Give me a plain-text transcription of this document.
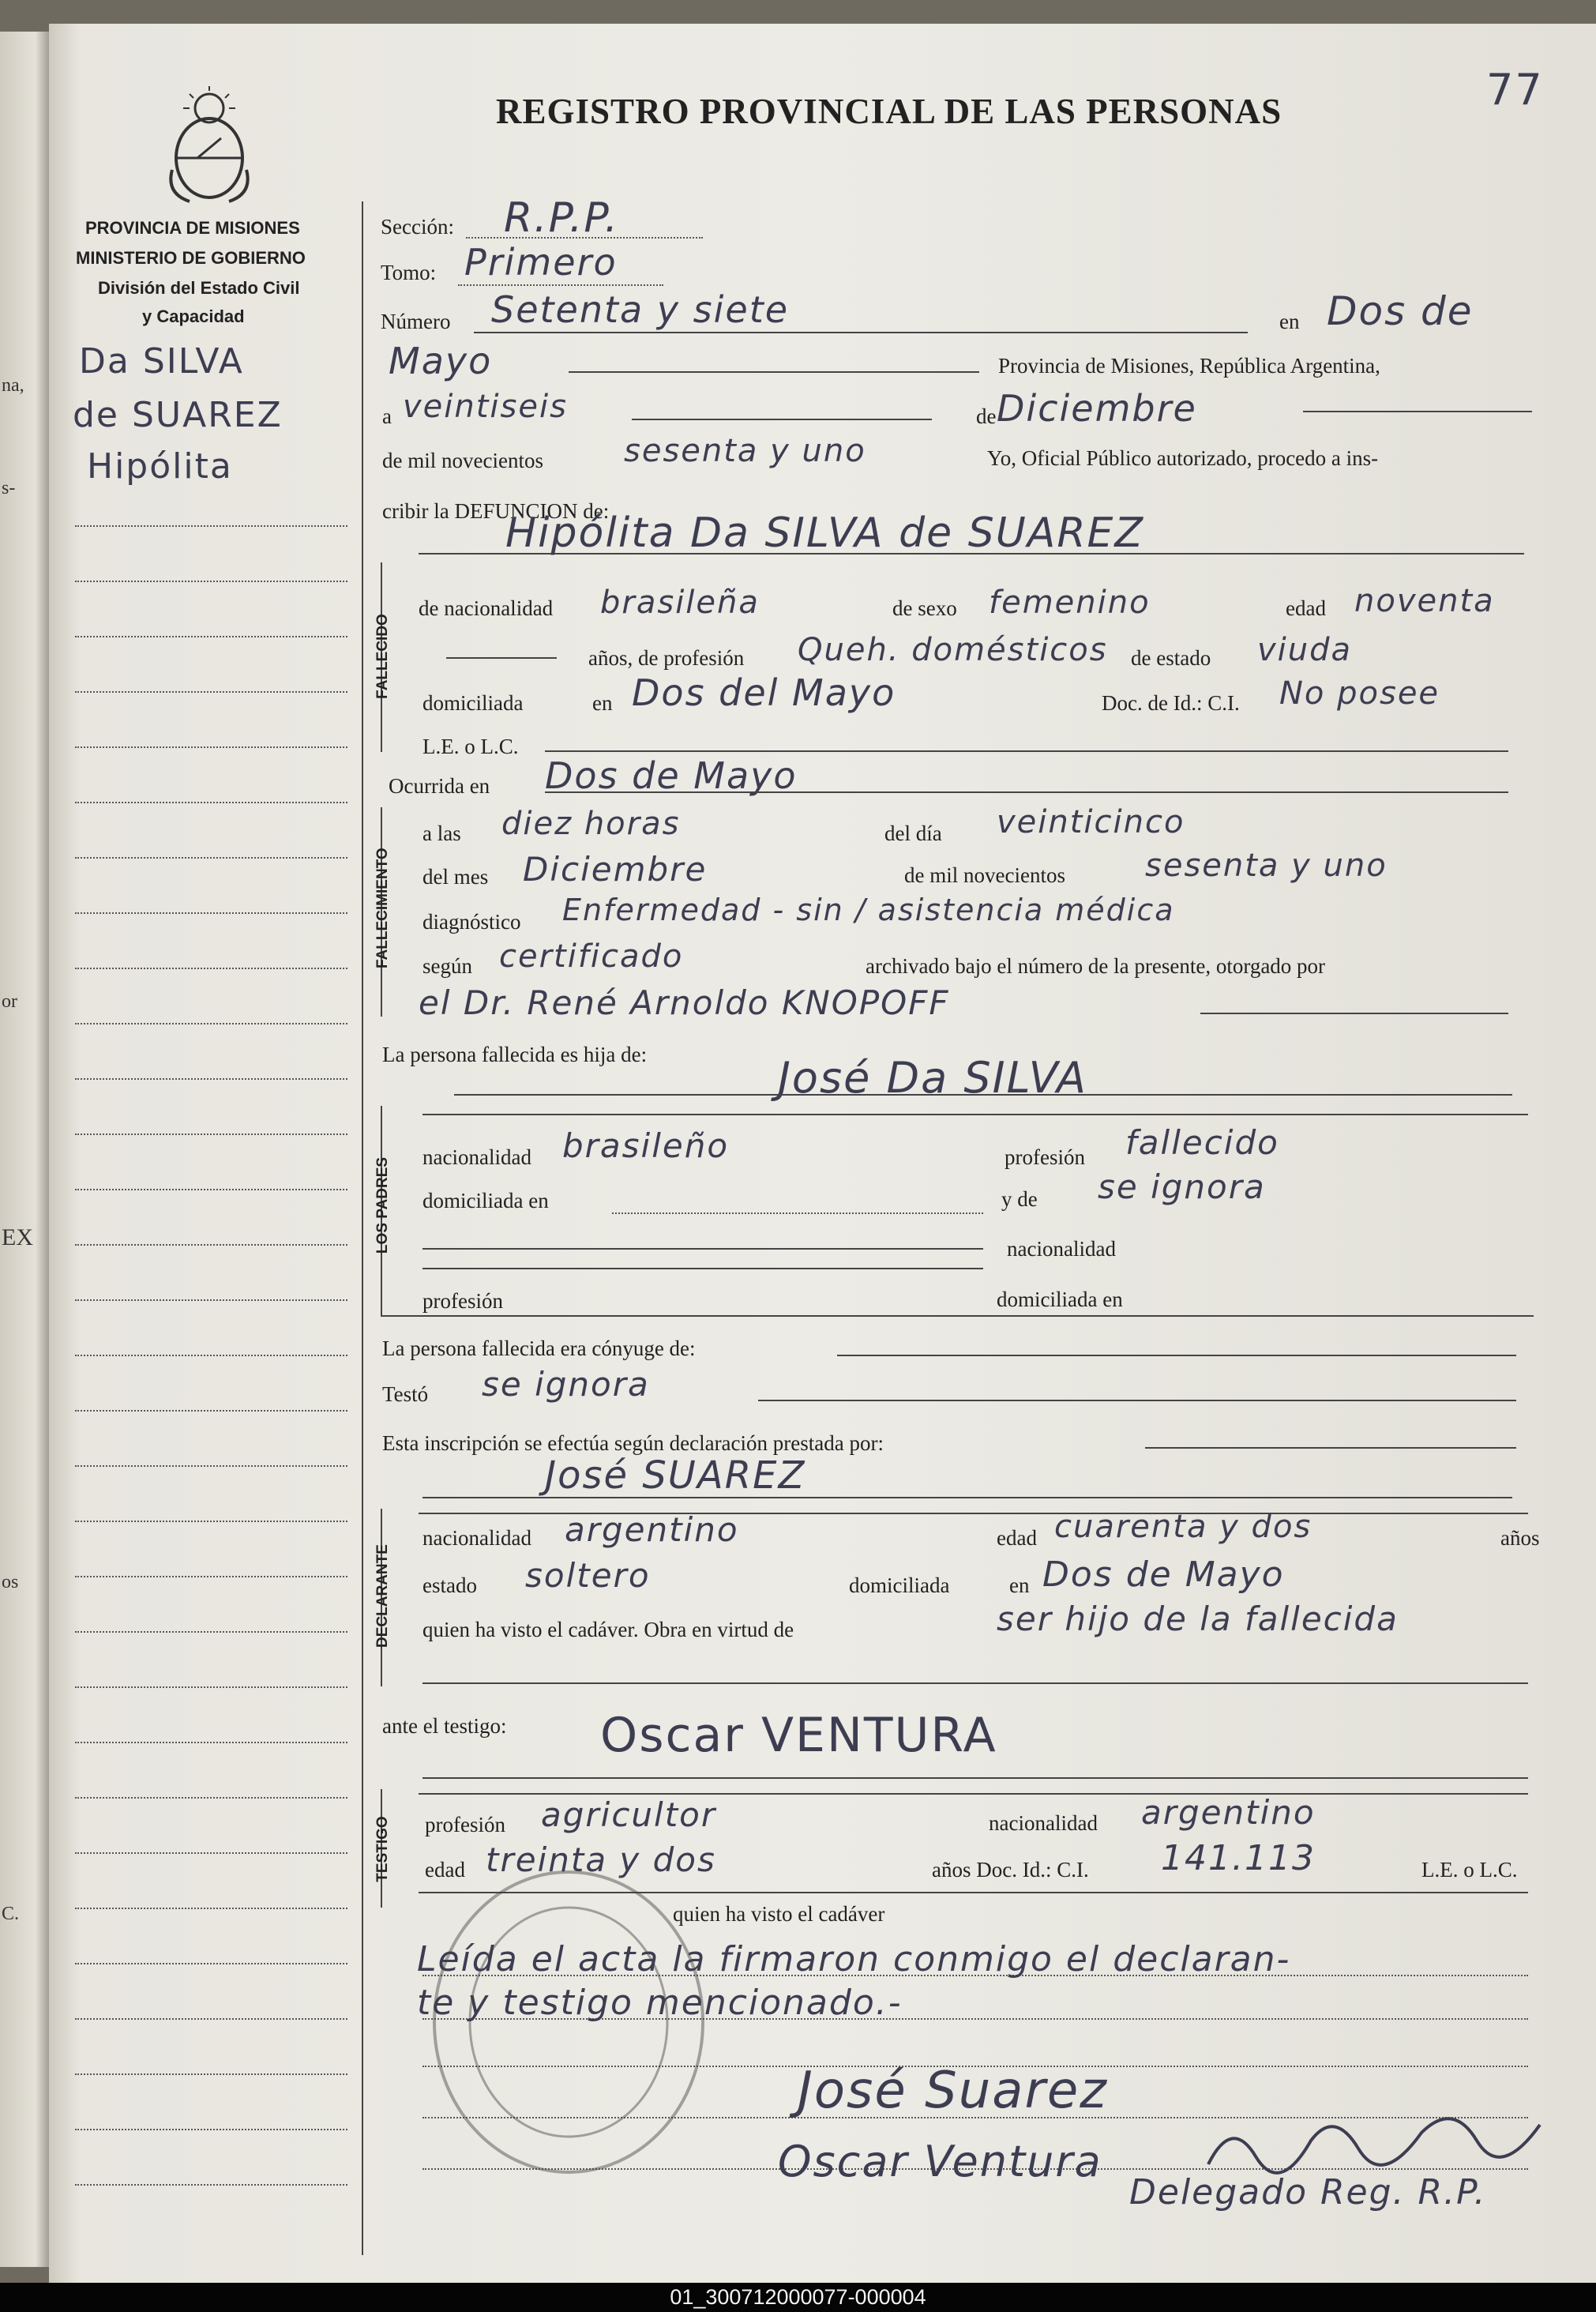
na,
s-
or
EX
os
C.
PROVINCIA DE MISIONES
MINISTERIO DE GOBIERNO
División del Estado Civil
y Capacidad
Da SILVA
de SUAREZ
Hipólita
REGISTRO PROVINCIAL DE LAS PERSONAS	77
Sección: R.P.P.
Tomo: Primero
Número Setenta y siete	en Dos de
Mayo	Provincia de Misiones, República Argentina,
a veintiseis	de Diciembre
de mil novecientos	sesenta y uno	Yo, Oficial Público autorizado, procedo a ins-
cribir la DEFUNCION de:
Hipólita Da SILVA de SUAREZ
FALLECIDO
de nacionalidad brasileña	de sexo femenino	edad noventa
años, de profesión Queh. domésticos de estado viuda
domiciliada	en Dos del Mayo	Doc. de Id.: C.I. No posee
L.E. o L.C.
Ocurrida en Dos de Mayo
FALLECIMIENTO
a las diez horas	del día veinticinco
del mes Diciembre	de mil novecientos	sesenta y uno
diagnóstico Enfermedad - sin / asistencia médica
según certificado	archivado bajo el número de la presente, otorgado por
el Dr. René Arnoldo KNOPOFF
La persona fallecida es hija de:	José Da SILVA
LOS PADRES nacionalidad brasileño	profesión fallecido
domiciliada en	y de se ignora
nacionalidad
profesión	domiciliada en
La persona fallecida era cónyuge de:
Testó se ignora
Esta inscripción se efectúa según declaración prestada por:
José SUAREZ
DECLARANTE
nacionalidad argentino	edad cuarenta y dos	años
estado soltero	domiciliada	en Dos de Mayo
quien ha visto el cadáver. Obra en virtud de	ser hijo de la fallecida
ante el testigo: Oscar VENTURA
TESTIGO profesión agricultor	nacionalidad argentino
edad treinta y dos	años Doc. Id.: C.I. 141.113	L.E. o L.C.
quien ha visto el cadáver
Leída el acta la firmaron conmigo el declaran-
te y testigo mencionado.-
José Suarez
Oscar Ventura
Delegado Reg. R.P.
01_300712000077-000004
